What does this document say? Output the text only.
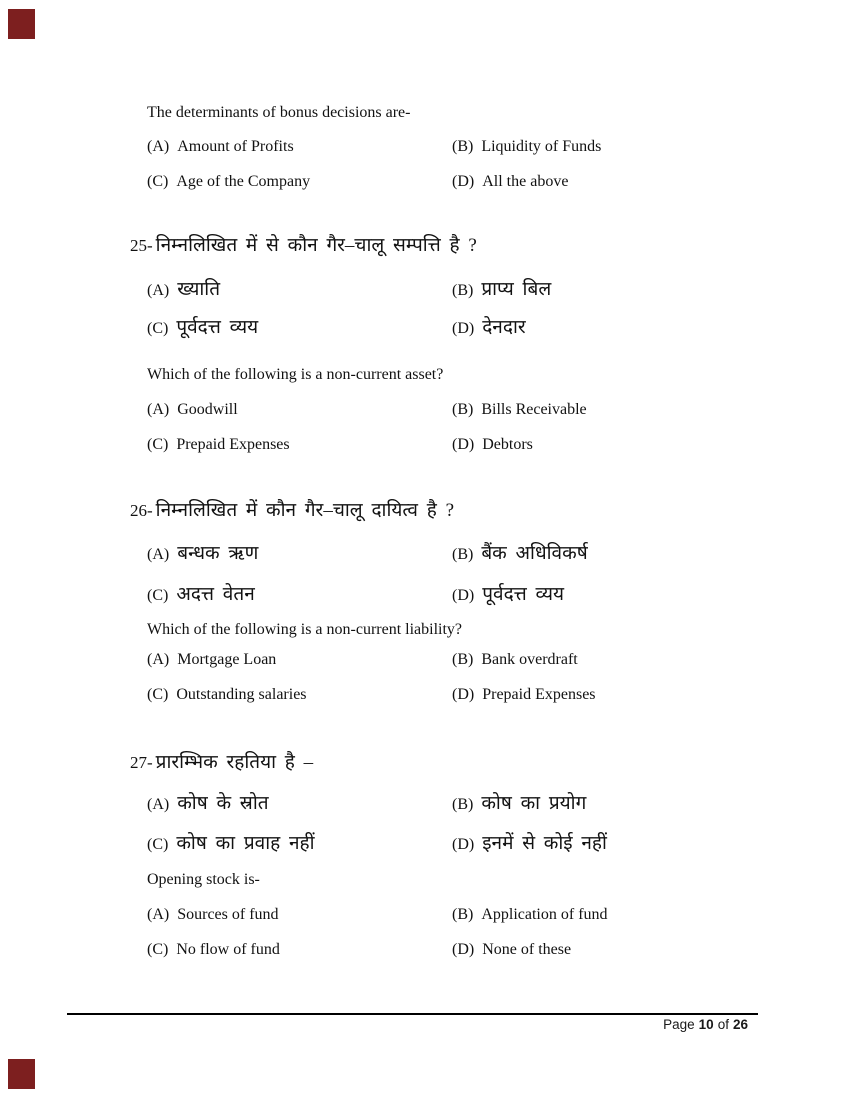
The determinants of bonus decisions are-
(A) Amount of Profits	(B) Liquidity of Funds
(C) Age of the Company	(D) All the above
25- निम्नलिखित में से कौन गैर–चालू सम्पत्ति है ?
(A) ख्याति	(B) प्राप्य बिल
(C) पूर्वदत्त व्यय	(D) देनदार
Which of the following is a non-current asset?
(A) Goodwill	(B) Bills Receivable
(C) Prepaid Expenses	(D) Debtors
26- निम्नलिखित में कौन गैर–चालू दायित्व है ?
(A) बन्धक ऋण	(B) बैंक अधिविकर्ष
(C) अदत्त वेतन	(D) पूर्वदत्त व्यय
Which of the following is a non-current liability?
(A) Mortgage Loan	(B) Bank overdraft
(C) Outstanding salaries	(D) Prepaid Expenses
27- प्रारम्भिक रहतिया है –
(A) कोष के स्रोत	(B) कोष का प्रयोग
(C) कोष का प्रवाह नहीं	(D) इनमें से कोई नहीं
Opening stock is-
(A) Sources of fund	(B) Application of fund
(C) No flow of fund	(D) None of these
Page 10 of 26
